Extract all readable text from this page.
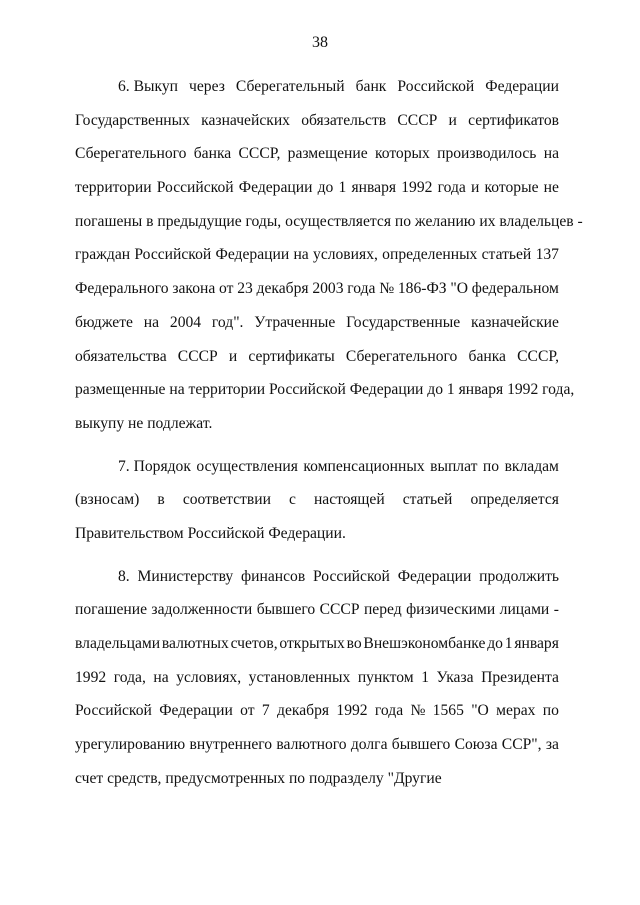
38
6. Выкуп через Сберегательный банк Российской Федерации
Государственных казначейских обязательств СССР и сертификатов
Сберегательного банка СССР, размещение которых производилось на
территории Российской Федерации до 1 января 1992 года и которые не
погашены в предыдущие годы, осуществляется по желанию их владельцев -
граждан Российской Федерации на условиях, определенных статьей 137
Федерального закона от 23 декабря 2003 года № 186-ФЗ "О федеральном
бюджете на 2004 год". Утраченные Государственные казначейские
обязательства СССР и сертификаты Сберегательного банка СССР,
размещенные на территории Российской Федерации до 1 января 1992 года,
выкупу не подлежат.
7. Порядок осуществления компенсационных выплат по вкладам
(взносам) в соответствии с настоящей статьей определяется
Правительством Российской Федерации.
8. Министерству финансов Российской Федерации продолжить
погашение задолженности бывшего СССР перед физическими лицами -
владельцами валютных счетов, открытых во Внешэкономбанке до 1 января
1992 года, на условиях, установленных пунктом 1 Указа Президента
Российской Федерации от 7 декабря 1992 года № 1565 "О мерах по
урегулированию внутреннего валютного долга бывшего Союза ССР", за
счет средств, предусмотренных по подразделу "Другие
